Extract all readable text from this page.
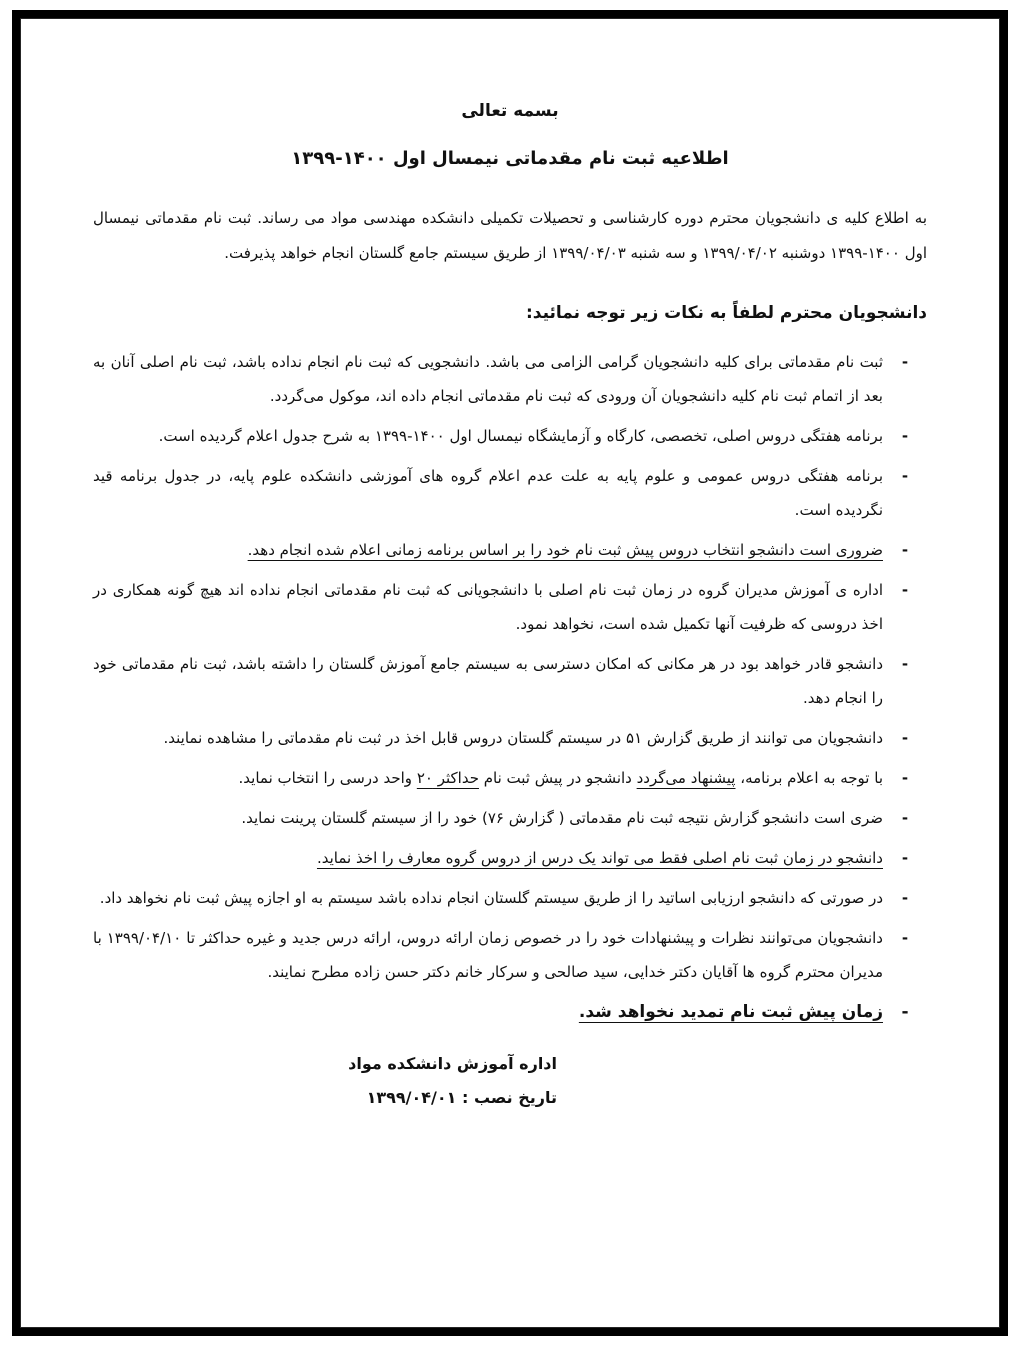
بسمه تعالی
اطلاعیه ثبت نام مقدماتی نیمسال اول ۱۴۰۰-۱۳۹۹

به اطلاع کلیه ی دانشجویان محترم دوره کارشناسی و تحصیلات تکمیلی دانشکده مهندسی مواد می رساند. ثبت نام مقدماتی نیمسال اول ۱۴۰۰-۱۳۹۹ دوشنبه ۱۳۹۹/۰۴/۰۲ و سه شنبه ۱۳۹۹/۰۴/۰۳ از طریق سیستم جامع گلستان انجام خواهد پذیرفت.

دانشجویان محترم لطفاً به نکات زیر توجه نمائید:

-
ثبت نام مقدماتی برای کلیه دانشجویان گرامی الزامی می باشد. دانشجویی که ثبت نام انجام نداده باشد، ثبت نام اصلی آنان به بعد از اتمام ثبت نام کلیه دانشجویان آن ورودی که ثبت نام مقدماتی انجام داده اند، موکول می‌گردد.
-
برنامه هفتگی دروس اصلی، تخصصی، کارگاه و آزمایشگاه نیمسال اول ۱۴۰۰-۱۳۹۹ به شرح جدول اعلام گردیده است.
-
برنامه هفتگی دروس عمومی و علوم پایه به علت عدم اعلام گروه های آموزشی دانشکده علوم پایه، در جدول برنامه قید نگردیده است.
-
ضروری است دانشجو انتخاب دروس پیش ثبت نام خود را بر اساس برنامه زمانی اعلام شده انجام دهد.
-
اداره ی آموزش مدیران گروه در زمان ثبت نام اصلی با دانشجویانی که ثبت نام مقدماتی انجام نداده اند هیچ گونه همکاری در اخذ دروسی که ظرفیت آنها تکمیل شده است، نخواهد نمود.
-
دانشجو قادر خواهد بود در هر مکانی که امکان دسترسی به سیستم جامع آموزش گلستان را داشته باشد، ثبت نام مقدماتی خود را انجام دهد.
-
دانشجویان می توانند از طریق گزارش ۵۱ در سیستم گلستان دروس قابل اخذ در ثبت نام مقدماتی را مشاهده نمایند.
-
با توجه به اعلام برنامه، پیشنهاد می‌گردد دانشجو در پیش ثبت نام حداکثر ۲۰ واحد درسی را انتخاب نماید.
-
ضری است دانشجو گزارش نتیجه ثبت نام مقدماتی ( گزارش ۷۶) خود را از سیستم گلستان پرینت نماید.
-
دانشجو در زمان ثبت نام اصلی فقط می تواند یک درس از دروس گروه معارف را اخذ نماید.
-
در صورتی که دانشجو ارزیابی اساتید را از طریق سیستم گلستان انجام نداده باشد سیستم به او اجازه پیش ثبت نام نخواهد داد.
-
دانشجویان می‌توانند نظرات و پیشنهادات خود را در خصوص زمان ارائه دروس، ارائه درس جدید و غیره حداکثر تا ۱۳۹۹/۰۴/۱۰ با مدیران محترم گروه ها آقایان دکتر خدایی، سید صالحی و سرکار خانم دکتر حسن زاده مطرح نمایند.
-
زمان پیش ثبت نام تمدید نخواهد شد.
اداره آموزش دانشکده مواد
تاریخ نصب : ۱۳۹۹/۰۴/۰۱
